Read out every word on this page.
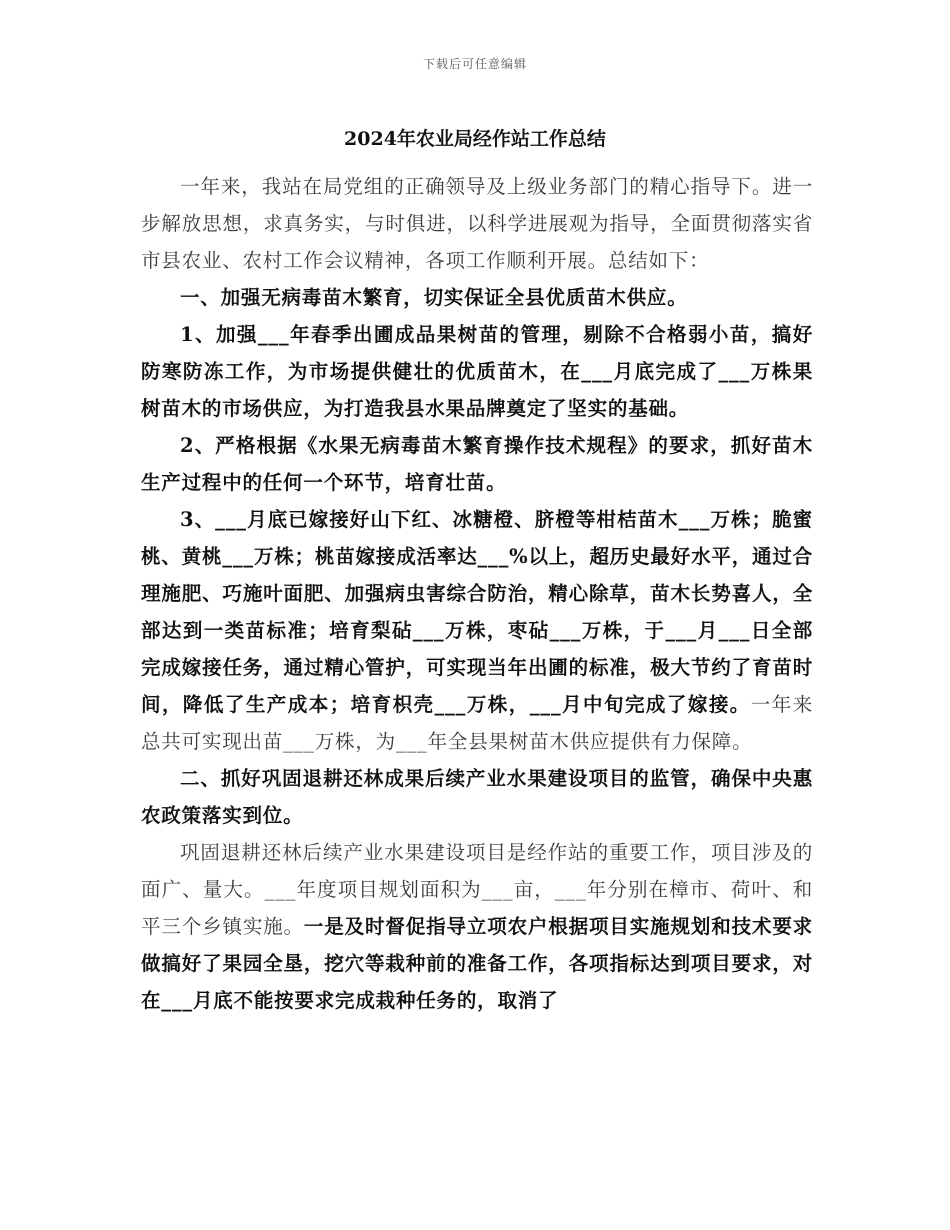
下载后可任意编辑
2024年农业局经作站工作总结

一年来，我站在局党组的正确领导及上级业务部门的精心指导下。进一步解放思想，求真务实，与时俱进，以科学进展观为指导，全面贯彻落实省市县农业、农村工作会议精神，各项工作顺利开展。总结如下：

一、加强无病毒苗木繁育，切实保证全县优质苗木供应。

1、加强___年春季出圃成品果树苗的管理，剔除不合格弱小苗，搞好防寒防冻工作，为市场提供健壮的优质苗木，在___月底完成了___万株果树苗木的市场供应，为打造我县水果品牌奠定了坚实的基础。

2、严格根据《水果无病毒苗木繁育操作技术规程》的要求，抓好苗木生产过程中的任何一个环节，培育壮苗。

3、___月底已嫁接好山下红、冰糖橙、脐橙等柑桔苗木___万株；脆蜜桃、黄桃___万株；桃苗嫁接成活率达___%以上，超历史最好水平，通过合理施肥、巧施叶面肥、加强病虫害综合防治，精心除草，苗木长势喜人，全部达到一类苗标准；培育梨砧___万株，枣砧___万株，于___月___日全部完成嫁接任务，通过精心管护，可实现当年出圃的标准，极大节约了育苗时间，降低了生产成本；培育枳壳___万株，___月中旬完成了嫁接。一年来总共可实现出苗___万株，为___年全县果树苗木供应提供有力保障。

二、抓好巩固退耕还林成果后续产业水果建设项目的监管，确保中央惠农政策落实到位。

巩固退耕还林后续产业水果建设项目是经作站的重要工作，项目涉及的面广、量大。___年度项目规划面积为___亩，___年分别在樟市、荷叶、和平三个乡镇实施。一是及时督促指导立项农户根据项目实施规划和技术要求做搞好了果园全垦，挖穴等栽种前的准备工作，各项指标达到项目要求，对在___月底不能按要求完成栽种任务的，取消了
